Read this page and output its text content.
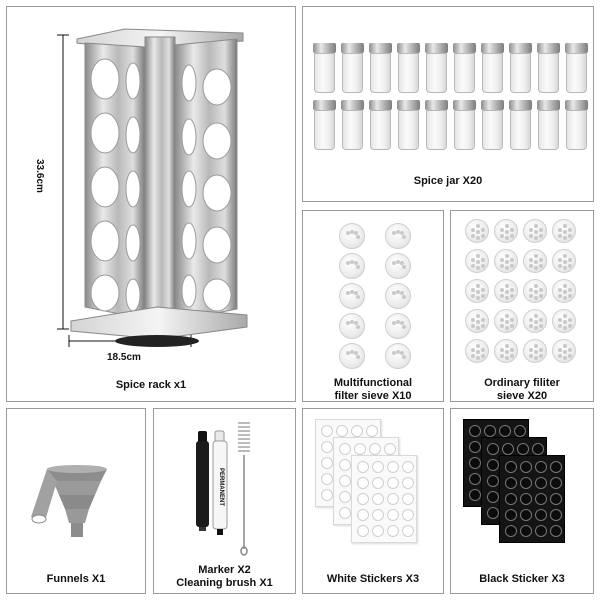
33.6cm
18.5cm
Spice rack x1
Spice jar X20
Multifunctional
filter sieve X10
Ordinary filiter
sieve X20
Funnels X1
PERMANENT
Marker X2
Cleaning brush X1	White Stickers X3	Black Sticker X3
